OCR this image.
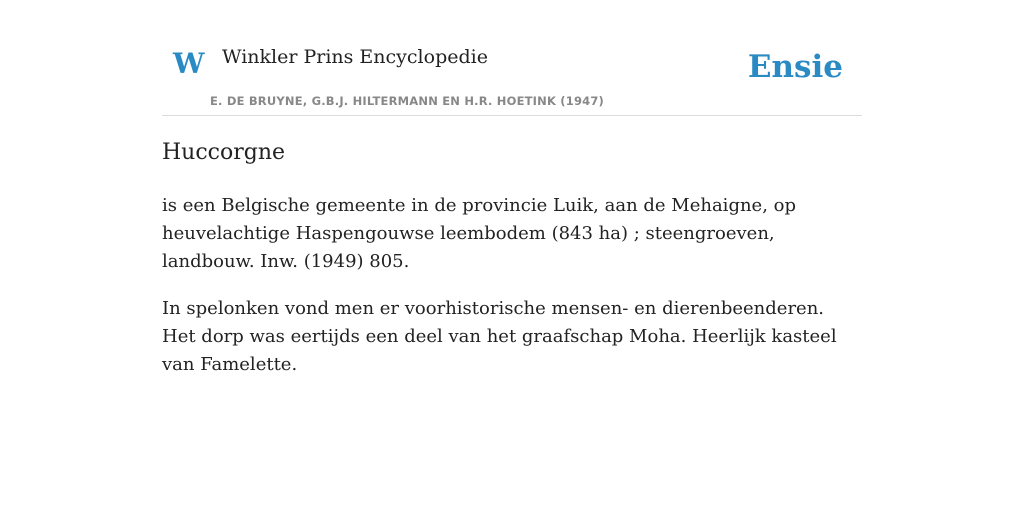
W Winkler Prins Encyclopedie
E. DE BRUYNE, G.B.J. HILTERMANN EN H.R. HOETINK (1947)
Ensie
Huccorgne

is een Belgische gemeente in de provincie Luik, aan de Mehaigne, op heuvelachtige Haspengouwse leembodem (843 ha) ; steengroeven, landbouw. Inw. (1949) 805.

In spelonken vond men er voorhistorische mensen- en dierenbeenderen. Het dorp was eertijds een deel van het graafschap Moha. Heerlijk kasteel van Famelette.
